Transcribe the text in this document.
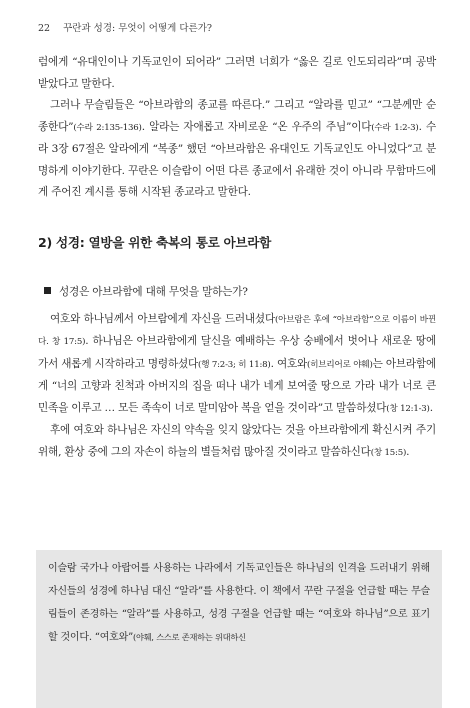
22 꾸란과 성경: 무엇이 어떻게 다른가?

럼에게 “유대인이나 기독교인이 되어라” 그러면 너희가 “옳은 길로 인도되리라”며 공박받았다고 말한다.

그러나 무슬림들은 “아브라함의 종교를 따른다.” 그리고 “알라를 믿고” “그분께만 순종한다”(수라 2:135-136). 알라는 자애롭고 자비로운 “온 우주의 주님”이다(수라 1:2-3). 수라 3장 67절은 알라에게 “복종” 했던 “아브라함은 유대인도 기독교인도 아니었다”고 분명하게 이야기한다. 꾸란은 이슬람이 어떤 다른 종교에서 유래한 것이 아니라 무함마드에게 주어진 계시를 통해 시작된 종교라고 말한다.

2) 성경: 열방을 위한 축복의 통로 아브라함
성경은 아브라함에 대해 무엇을 말하는가?

여호와 하나님께서 아브람에게 자신을 드러내셨다(아브람은 후에 “아브라함”으로 이름이 바뀐다. 창 17:5). 하나님은 아브라함에게 달신을 예배하는 우상 숭배에서 벗어나 새로운 땅에 가서 새롭게 시작하라고 명령하셨다(행 7:2-3; 히 11:8). 여호와(히브리어로 야훼)는 아브라함에게 “너의 고향과 친척과 아버지의 집을 떠나 내가 네게 보여줄 땅으로 가라 내가 너로 큰 민족을 이루고 … 모든 족속이 너로 말미암아 복을 얻을 것이라”고 말씀하셨다(창 12:1-3).

후에 여호와 하나님은 자신의 약속을 잊지 않았다는 것을 아브라함에게 확신시켜 주기 위해, 환상 중에 그의 자손이 하늘의 별들처럼 많아질 것이라고 말씀하신다(창 15:5).

이슬람 국가나 아랍어를 사용하는 나라에서 기독교인들은 하나님의 인격을 드러내기 위해 자신들의 성경에 하나님 대신 “알라”를 사용한다. 이 책에서 꾸란 구절을 언급할 때는 무슬림들이 존경하는 “알라”를 사용하고, 성경 구절을 언급할 때는 “여호와 하나님”으로 표기할 것이다. “여호와”(야훼, 스스로 존재하는 위대하신
